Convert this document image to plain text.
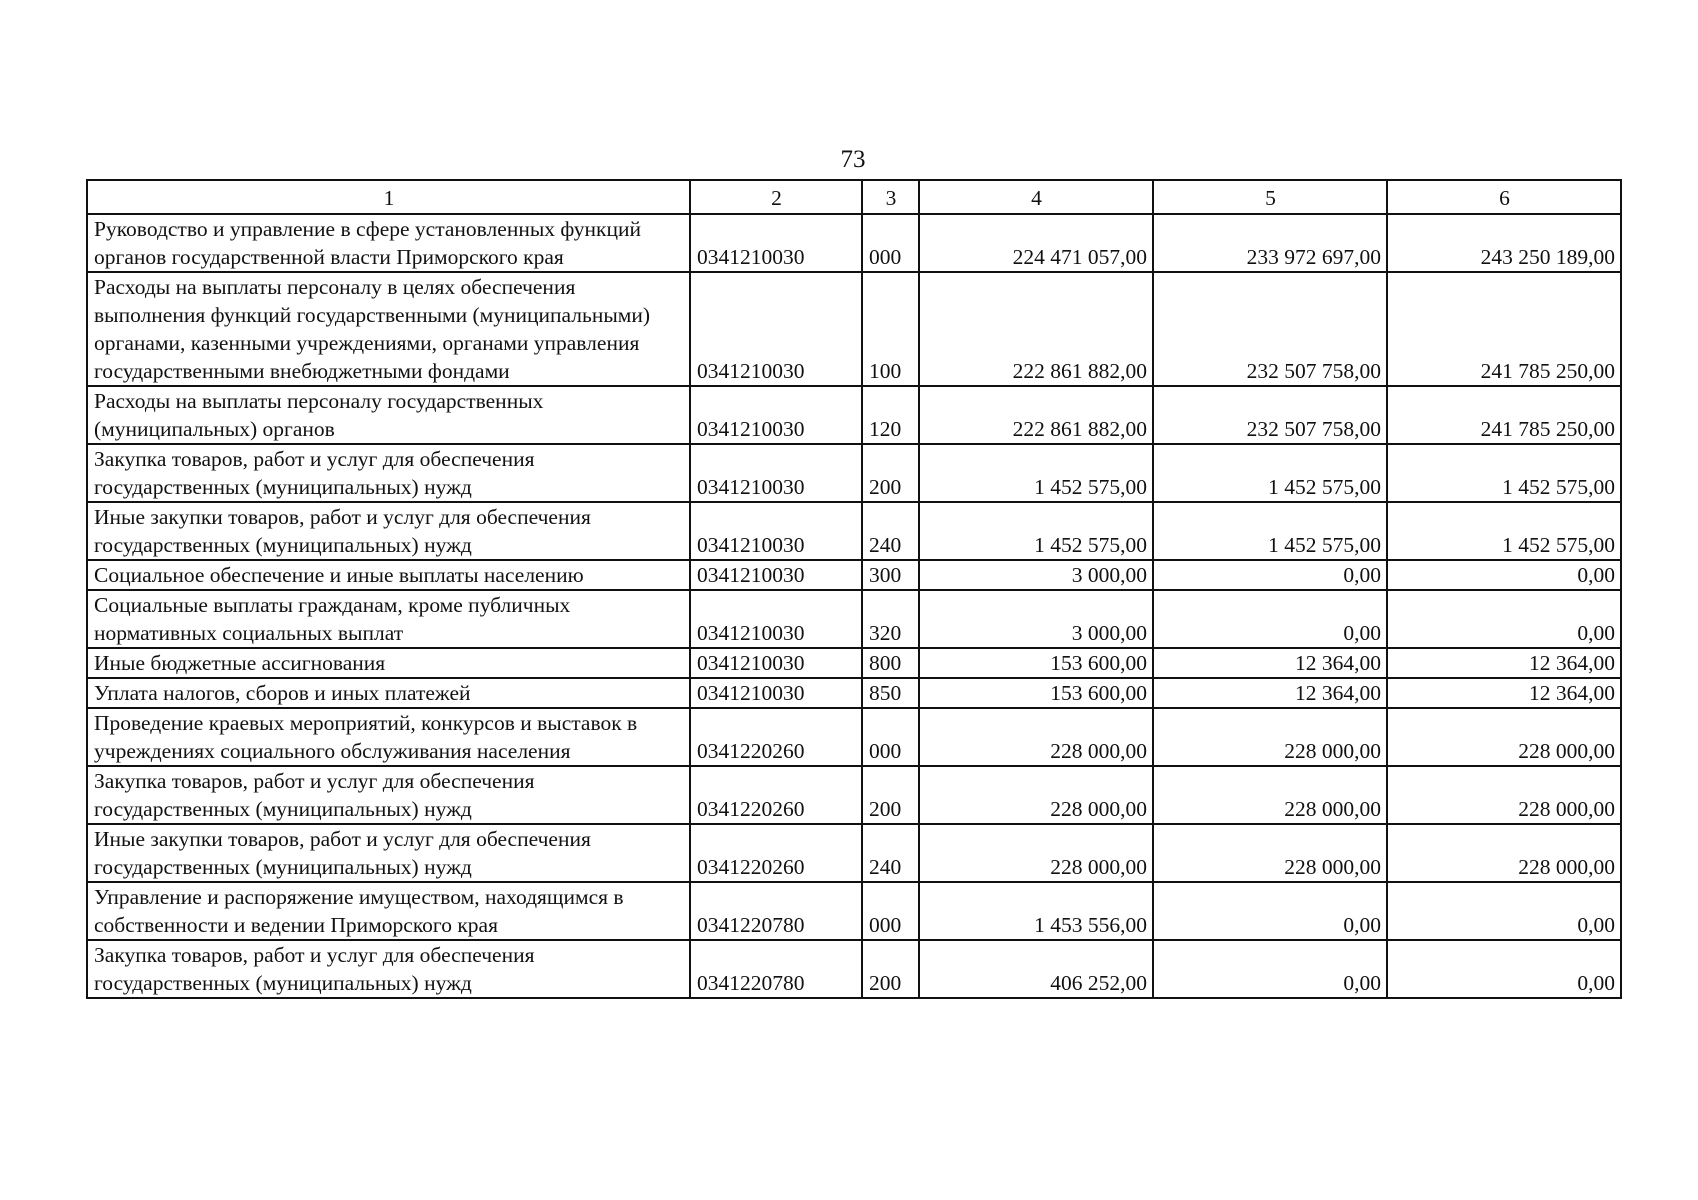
73
1	2	3	4	5	6
Руководство и управление в сфере установленных функций органов государственной власти Приморского края	0341210030	000	224 471 057,00	233 972 697,00	243 250 189,00
Расходы на выплаты персоналу в целях обеспечения выполнения функций государственными (муниципальными) органами, казенными учреждениями, органами управления государственными внебюджетными фондами	0341210030	100	222 861 882,00	232 507 758,00	241 785 250,00
Расходы на выплаты персоналу государственных (муниципальных) органов	0341210030	120	222 861 882,00	232 507 758,00	241 785 250,00
Закупка товаров, работ и услуг для обеспечения государственных (муниципальных) нужд	0341210030	200	1 452 575,00	1 452 575,00	1 452 575,00
Иные закупки товаров, работ и услуг для обеспечения государственных (муниципальных) нужд	0341210030	240	1 452 575,00	1 452 575,00	1 452 575,00
Социальное обеспечение и иные выплаты населению	0341210030	300	3 000,00	0,00	0,00
Социальные выплаты гражданам, кроме публичных нормативных социальных выплат	0341210030	320	3 000,00	0,00	0,00
Иные бюджетные ассигнования	0341210030	800	153 600,00	12 364,00	12 364,00
Уплата налогов, сборов и иных платежей	0341210030	850	153 600,00	12 364,00	12 364,00
Проведение краевых мероприятий, конкурсов и выставок в учреждениях социального обслуживания населения	0341220260	000	228 000,00	228 000,00	228 000,00
Закупка товаров, работ и услуг для обеспечения государственных (муниципальных) нужд	0341220260	200	228 000,00	228 000,00	228 000,00
Иные закупки товаров, работ и услуг для обеспечения государственных (муниципальных) нужд	0341220260	240	228 000,00	228 000,00	228 000,00
Управление и распоряжение имуществом, находящимся в собственности и ведении Приморского края	0341220780	000	1 453 556,00	0,00	0,00
Закупка товаров, работ и услуг для обеспечения государственных (муниципальных) нужд	0341220780	200	406 252,00	0,00	0,00
